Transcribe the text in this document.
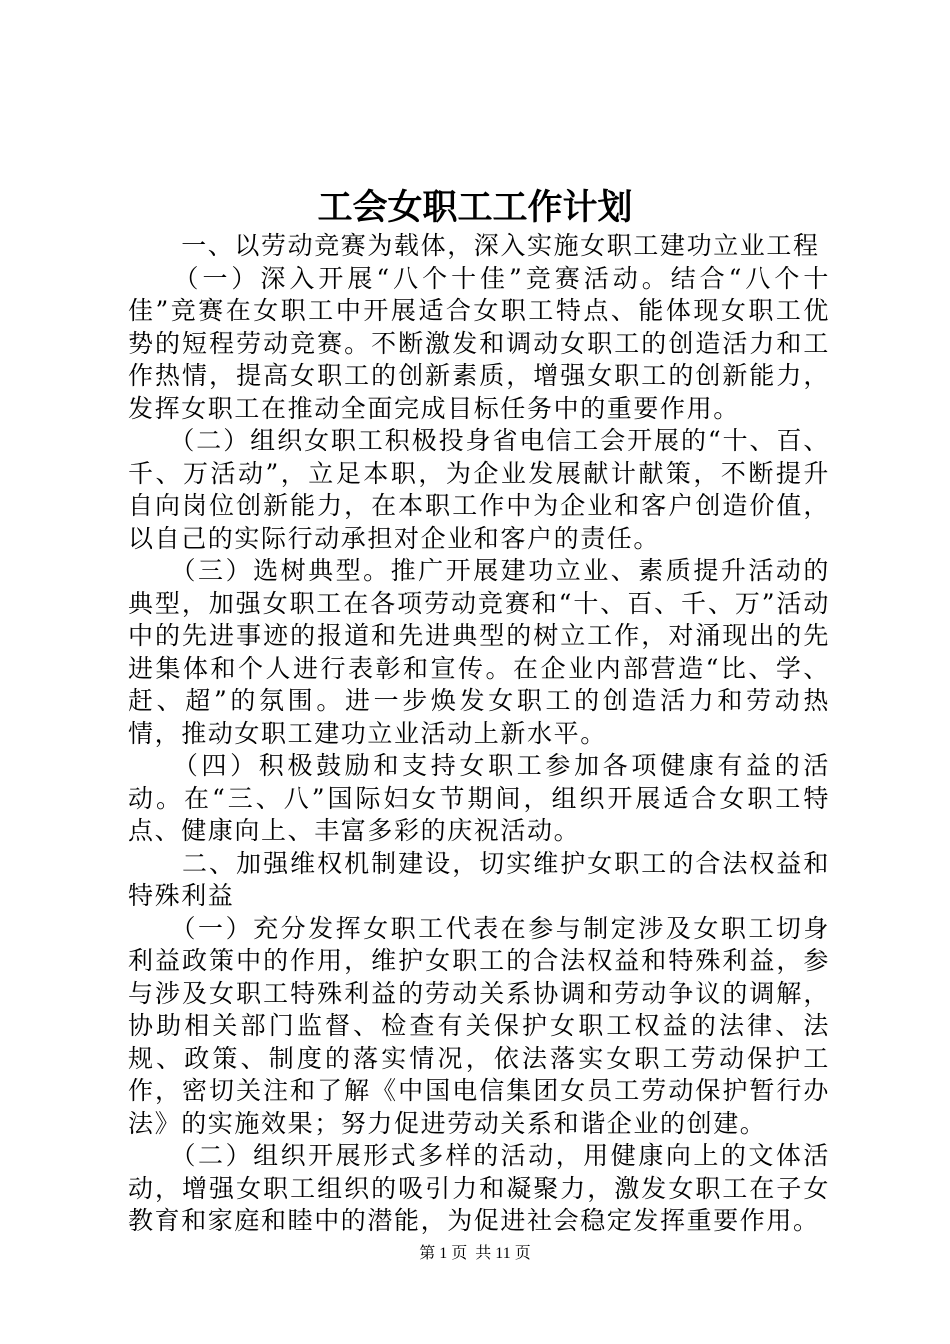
工会女职工工作计划

　　一、以劳动竞赛为载体，深入实施女职工建功立业工程

　　（一）深入开展“八个十佳”竞赛活动。结合“八个十佳”竞赛在女职工中开展适合女职工特点、能体现女职工优势的短程劳动竞赛。不断激发和调动女职工的创造活力和工作热情，提高女职工的创新素质，增强女职工的创新能力，发挥女职工在推动全面完成目标任务中的重要作用。

　　（二）组织女职工积极投身省电信工会开展的“十、百、千、万活动”，立足本职，为企业发展献计献策，不断提升自向岗位创新能力，在本职工作中为企业和客户创造价值，以自己的实际行动承担对企业和客户的责任。

　　（三）选树典型。推广开展建功立业、素质提升活动的典型，加强女职工在各项劳动竞赛和“十、百、千、万”活动中的先进事迹的报道和先进典型的树立工作，对涌现出的先进集体和个人进行表彰和宣传。在企业内部营造“比、学、赶、超”的氛围。进一步焕发女职工的创造活力和劳动热情，推动女职工建功立业活动上新水平。

　　（四）积极鼓励和支持女职工参加各项健康有益的活动。在“三、八”国际妇女节期间，组织开展适合女职工特点、健康向上、丰富多彩的庆祝活动。

　　二、加强维权机制建设，切实维护女职工的合法权益和特殊利益

　　（一）充分发挥女职工代表在参与制定涉及女职工切身利益政策中的作用，维护女职工的合法权益和特殊利益，参与涉及女职工特殊利益的劳动关系协调和劳动争议的调解，协助相关部门监督、检查有关保护女职工权益的法律、法规、政策、制度的落实情况，依法落实女职工劳动保护工作，密切关注和了解《中国电信集团女员工劳动保护暂行办法》的实施效果；努力促进劳动关系和谐企业的创建。

　　（二）组织开展形式多样的活动，用健康向上的文体活动，增强女职工组织的吸引力和凝聚力，激发女职工在子女教育和家庭和睦中的潜能，为促进社会稳定发挥重要作用。

第 1 页  共 11 页
